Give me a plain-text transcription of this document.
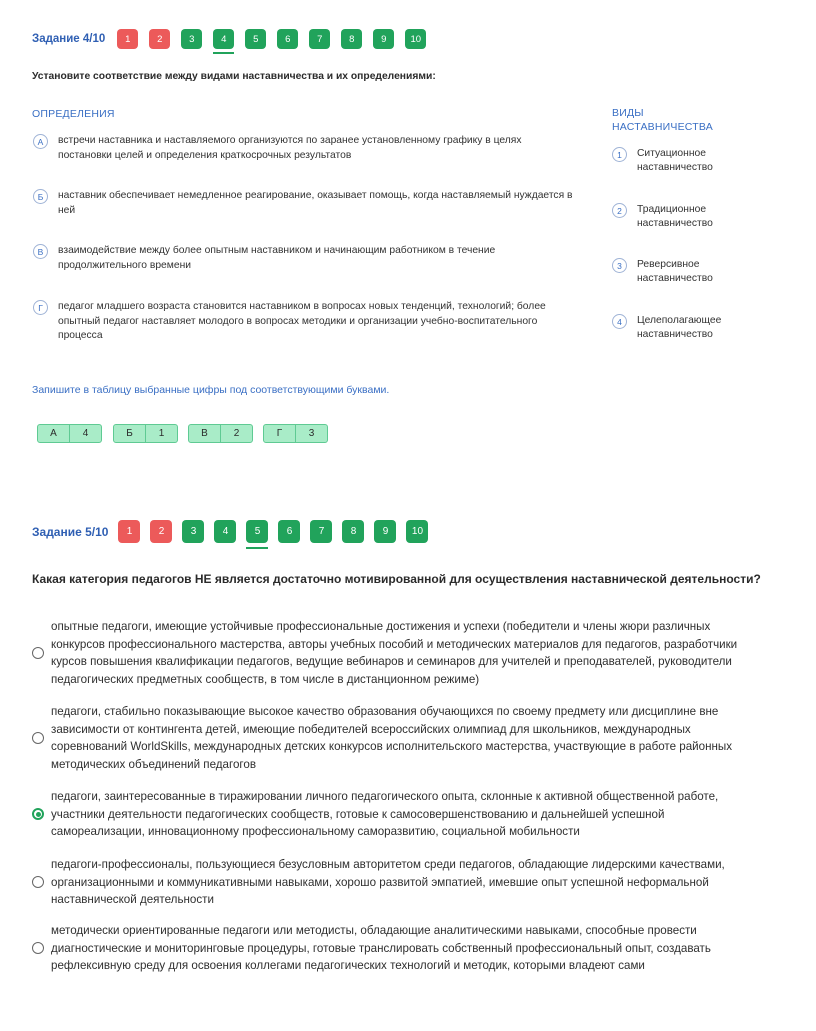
Задание 4/10	1	2	3	4	5	6	7	8	9	10
Установите соответствие между видами наставничества и их определениями:
ОПРЕДЕЛЕНИЯ	ВИДЫ НАСТАВНИЧЕСТВА
А	встречи наставника и наставляемого организуются по заранее установленному графику в целях постановки целей и определения краткосрочных результатов
Б	наставник обеспечивает немедленное реагирование, оказывает помощь, когда наставляемый нуждается в ней
В	взаимодействие между более опытным наставником и начинающим работником в течение продолжительного времени
Г	педагог младшего возраста становится наставником в вопросах новых тенденций, технологий; более опытный педагог наставляет молодого в вопросах методики и организации учебно-воспитательного процесса
1	Ситуационное наставничество
2	Традиционное наставничество
3	Реверсивное наставничество
4	Целеполагающее наставничество
Запишите в таблицу выбранные цифры под соответствующими буквами.
А	4	Б	1	В	2	Г	3
Задание 5/10	1	2	3	4	5	6	7	8	9	10
Какая категория педагогов НЕ является достаточно мотивированной для осуществления наставнической деятельности?
опытные педагоги, имеющие устойчивые профессиональные достижения и успехи (победители и члены жюри различных конкурсов профессионального мастерства, авторы учебных пособий и методических материалов для педагогов, разработчики курсов повышения квалификации педагогов, ведущие вебинаров и семинаров для учителей и преподавателей, руководители педагогических предметных сообществ, в том числе в дистанционном режиме)
педагоги, стабильно показывающие высокое качество образования обучающихся по своему предмету или дисциплине вне зависимости от контингента детей, имеющие победителей всероссийских олимпиад для школьников, международных соревнований WorldSkills, международных детских конкурсов исполнительского мастерства, участвующие в работе районных методических объединений педагогов
педагоги, заинтересованные в тиражировании личного педагогического опыта, склонные к активной общественной работе, участники деятельности педагогических сообществ, готовые к самосовершенствованию и дальнейшей успешной самореализации, инновационному профессиональному саморазвитию, социальной мобильности
педагоги-профессионалы, пользующиеся безусловным авторитетом среди педагогов, обладающие лидерскими качествами, организационными и коммуникативными навыками, хорошо развитой эмпатией, имевшие опыт успешной неформальной наставнической деятельности
методически ориентированные педагоги или методисты, обладающие аналитическими навыками, способные провести диагностические и мониторинговые процедуры, готовые транслировать собственный профессиональный опыт, создавать рефлексивную среду для освоения коллегами педагогических технологий и методик, которыми владеют сами
